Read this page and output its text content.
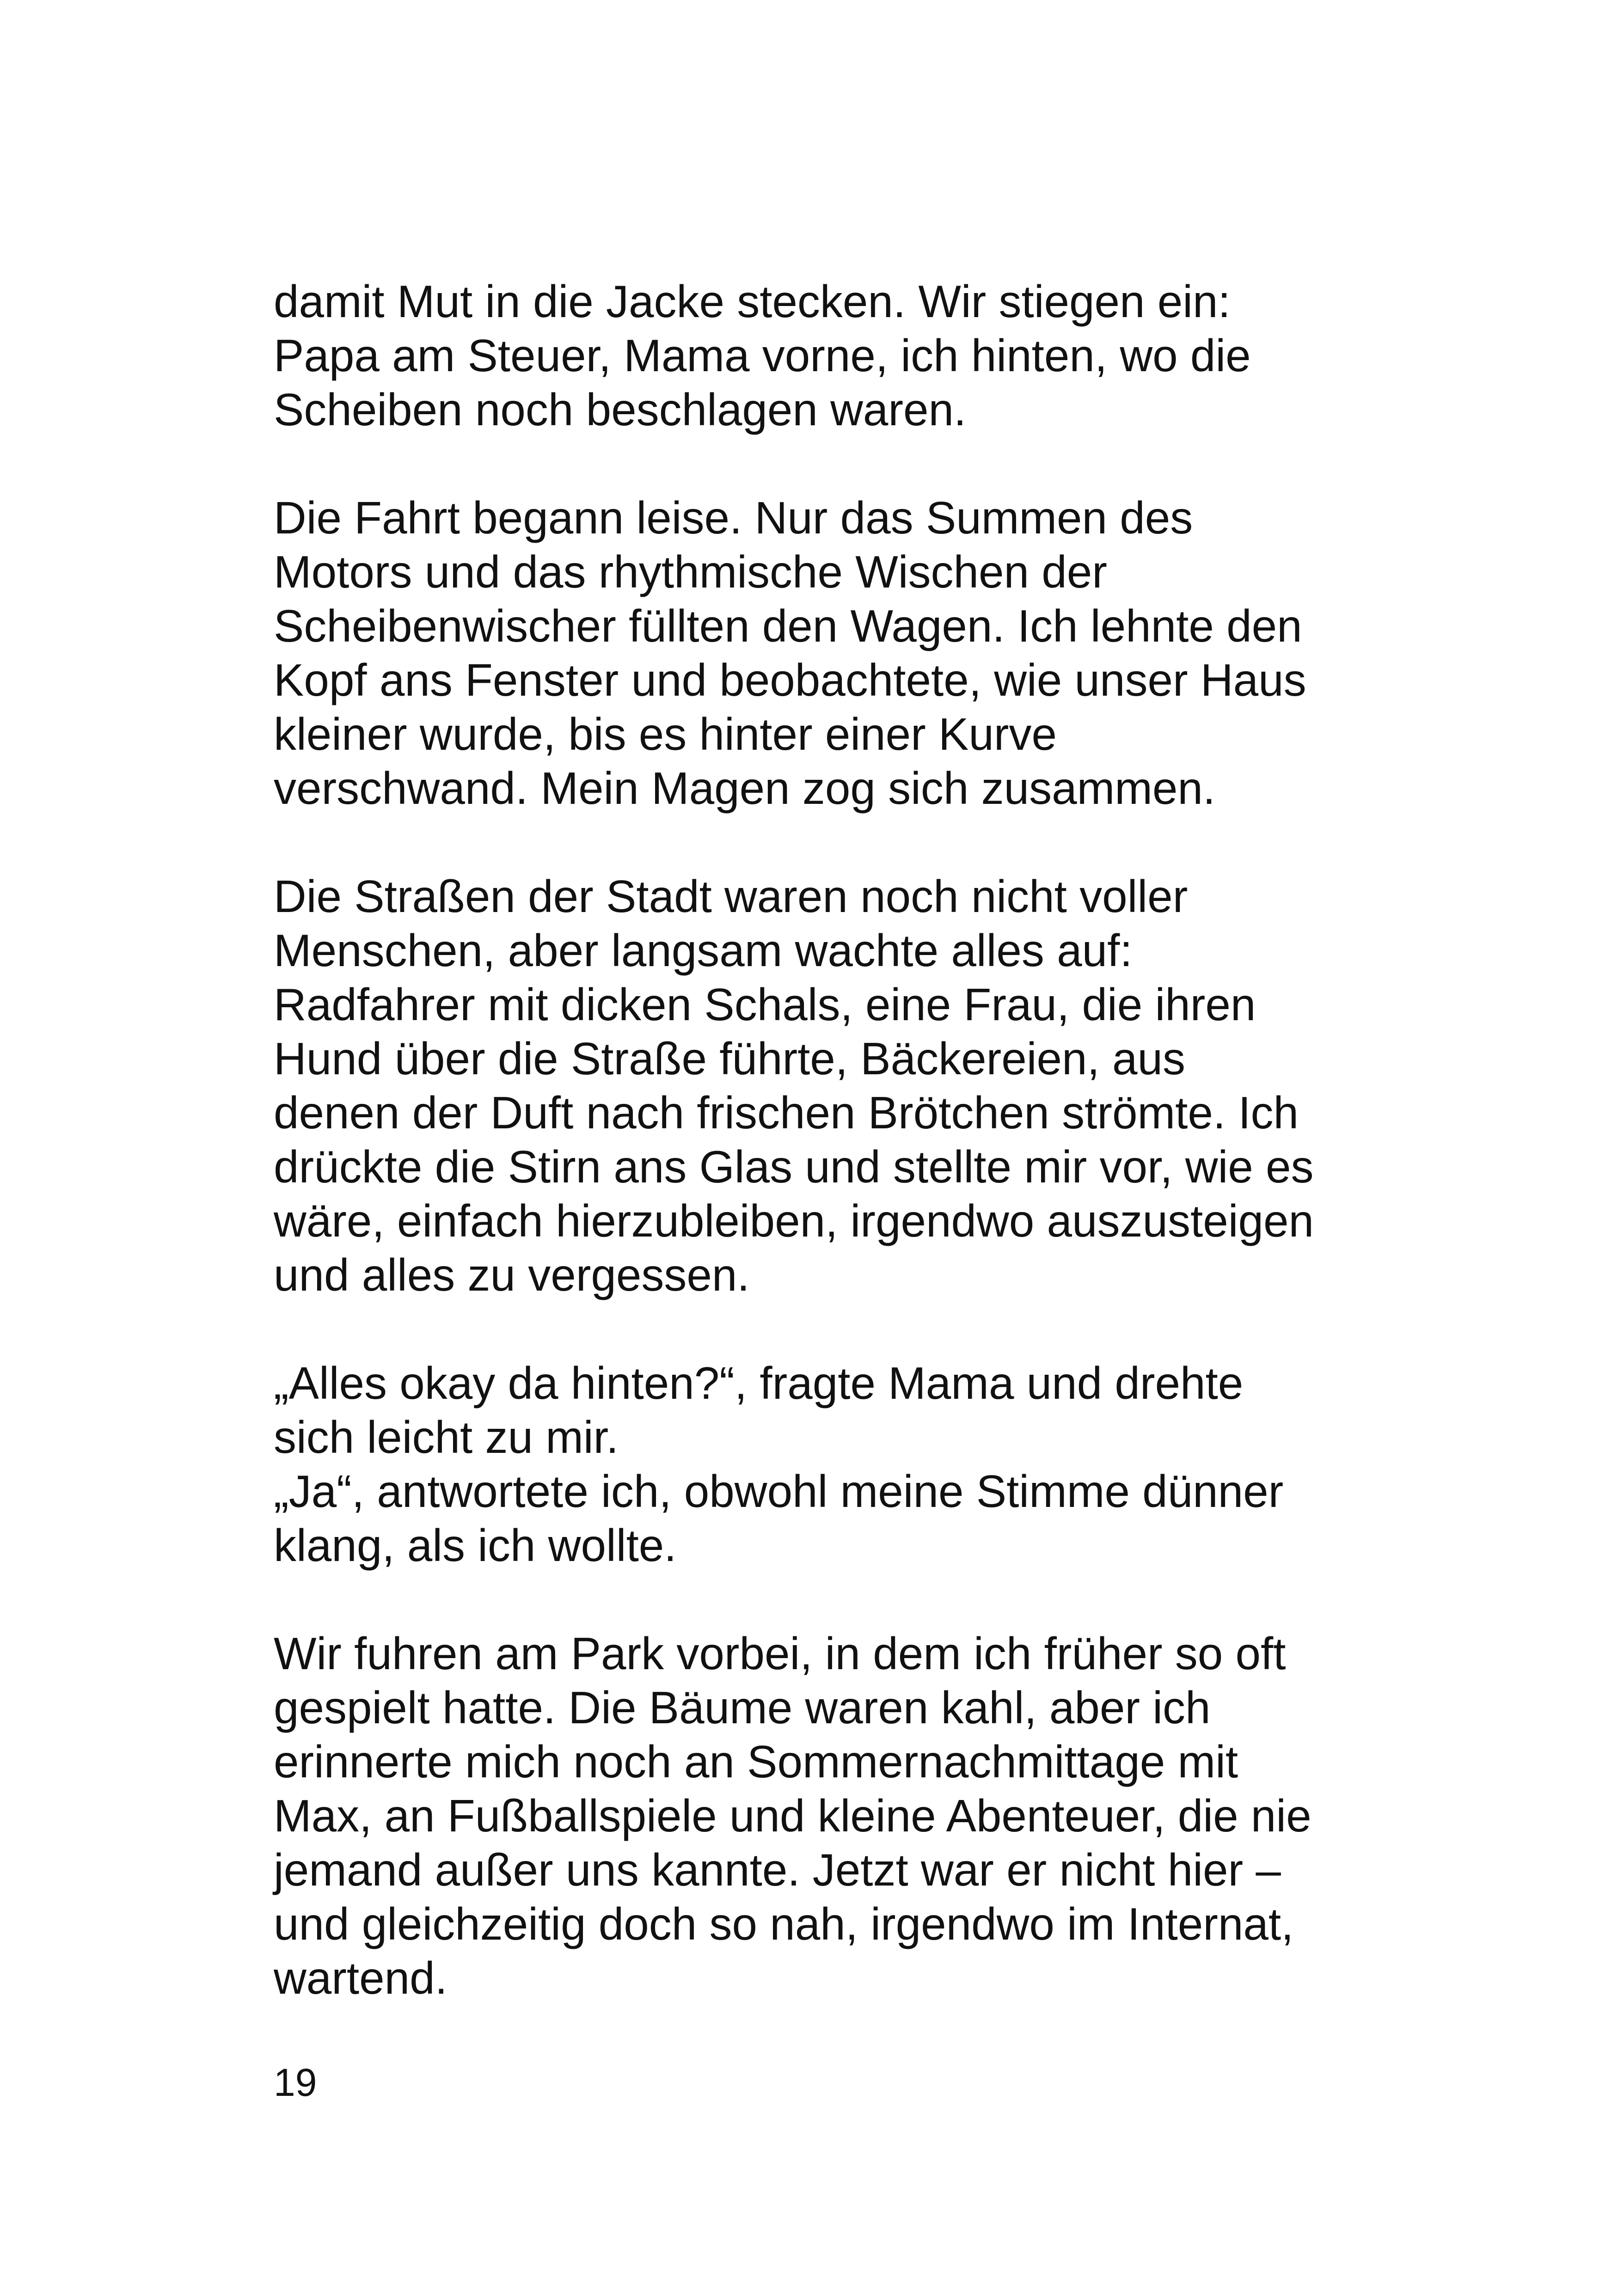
damit Mut in die Jacke stecken. Wir stiegen ein:
Papa am Steuer, Mama vorne, ich hinten, wo die
Scheiben noch beschlagen waren.

Die Fahrt begann leise. Nur das Summen des
Motors und das rhythmische Wischen der
Scheibenwischer füllten den Wagen. Ich lehnte den
Kopf ans Fenster und beobachtete, wie unser Haus
kleiner wurde, bis es hinter einer Kurve
verschwand. Mein Magen zog sich zusammen.

Die Straßen der Stadt waren noch nicht voller
Menschen, aber langsam wachte alles auf:
Radfahrer mit dicken Schals, eine Frau, die ihren
Hund über die Straße führte, Bäckereien, aus
denen der Duft nach frischen Brötchen strömte. Ich
drückte die Stirn ans Glas und stellte mir vor, wie es
wäre, einfach hierzubleiben, irgendwo auszusteigen
und alles zu vergessen.

„Alles okay da hinten?“, fragte Mama und drehte
sich leicht zu mir.
„Ja“, antwortete ich, obwohl meine Stimme dünner
klang, als ich wollte.

Wir fuhren am Park vorbei, in dem ich früher so oft
gespielt hatte. Die Bäume waren kahl, aber ich
erinnerte mich noch an Sommernachmittage mit
Max, an Fußballspiele und kleine Abenteuer, die nie
jemand außer uns kannte. Jetzt war er nicht hier –
und gleichzeitig doch so nah, irgendwo im Internat,
wartend.

19
